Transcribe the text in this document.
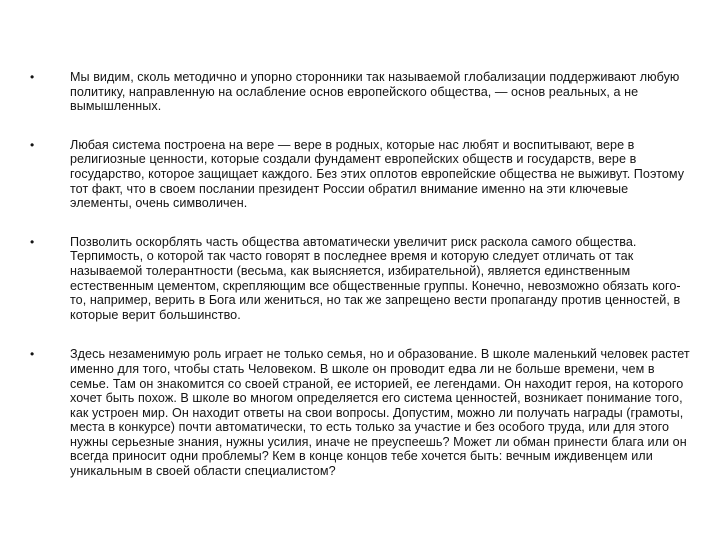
•	Мы видим, сколь методично и упорно сторонники так называемой глобализации поддерживают любую политику, направленную на ослабление основ европейского общества, — основ реальных, а не вымышленных.
•	Любая система построена на вере — вере в родных, которые нас любят и воспитывают, вере в религиозные ценности, которые создали фундамент европейских обществ и государств, вере в государство, которое защищает каждого. Без этих оплотов европейские общества не выживут. Поэтому тот факт, что в своем послании президент России обратил внимание именно на эти ключевые элементы, очень символичен.
•	Позволить оскорблять часть общества автоматически увеличит риск раскола самого общества. Терпимость, о которой так часто говорят в последнее время и которую следует отличать от так называемой толерантности (весьма, как выясняется, избирательной), является единственным естественным цементом, скрепляющим все общественные группы. Конечно, невозможно обязать кого-то, например, верить в Бога или жениться, но так же запрещено вести пропаганду против ценностей, в которые верит большинство.
•	Здесь незаменимую роль играет не только семья, но и образование. В школе маленький человек растет именно для того, чтобы стать Человеком. В школе он проводит едва ли не больше времени, чем в семье. Там он знакомится со своей страной, ее историей, ее легендами. Он находит героя, на которого хочет быть похож. В школе во многом определяется его система ценностей, возникает понимание того, как устроен мир. Он находит ответы на свои вопросы. Допустим, можно ли получать награды (грамоты, места в конкурсе) почти автоматически, то есть только за участие и без особого труда, или для этого нужны серьезные знания, нужны усилия, иначе не преуспеешь? Может ли обман принести блага или он всегда приносит одни проблемы? Кем в конце концов тебе хочется быть: вечным иждивенцем или уникальным в своей области специалистом?
